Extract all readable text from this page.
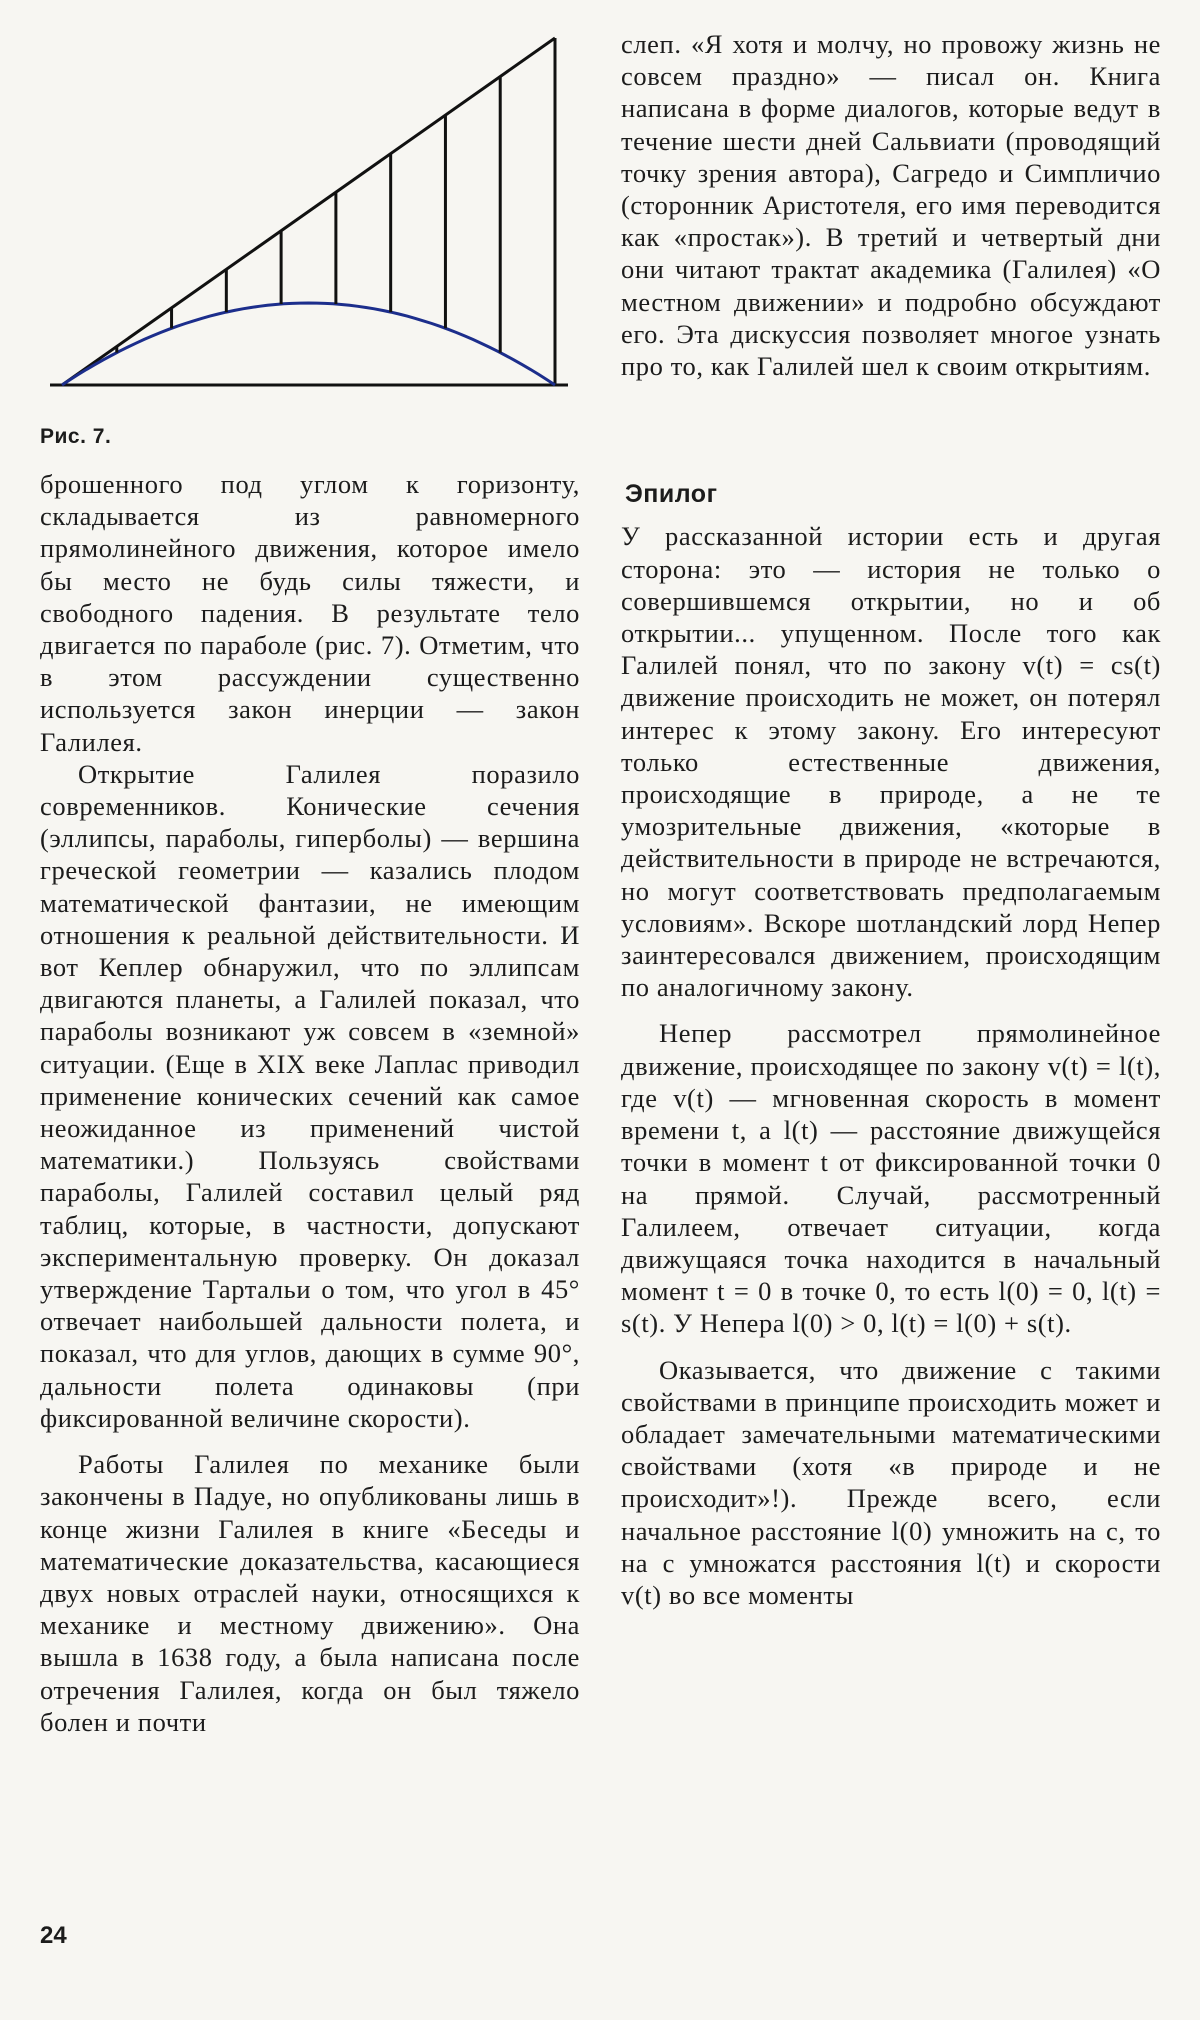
Рис. 7.

брошенного под углом к горизонту, складывается из равномерного прямолинейного движения, которое имело бы место не будь силы тяжести, и свободного падения. В результате тело двигается по параболе (рис. 7). Отметим, что в этом рассуждении существенно используется закон инерции — закон Галилея.

Открытие Галилея поразило современников. Конические сечения (эллипсы, параболы, гиперболы) — вершина греческой геометрии — казались плодом математической фантазии, не имеющим отношения к реальной действительности. И вот Кеплер обнаружил, что по эллипсам двигаются планеты, а Галилей показал, что параболы возникают уж совсем в «земной» ситуации. (Еще в XIX веке Лаплас приводил применение конических сечений как самое неожиданное из применений чистой математики.) Пользуясь свойствами параболы, Галилей составил целый ряд таблиц, которые, в частности, допускают экспериментальную проверку. Он доказал утверждение Тартальи о том, что угол в 45° отвечает наибольшей дальности полета, и показал, что для углов, дающих в сумме 90°, дальности полета одинаковы (при фиксированной величине скорости).

Работы Галилея по механике были закончены в Падуе, но опубликованы лишь в конце жизни Галилея в книге «Беседы и математические доказательства, касающиеся двух новых отраслей науки, относящихся к механике и местному движению». Она вышла в 1638 году, а была написана после отречения Галилея, когда он был тяжело болен и почти

слеп. «Я хотя и молчу, но провожу жизнь не совсем праздно» — писал он. Книга написана в форме диалогов, которые ведут в течение шести дней Сальвиати (проводящий точку зрения автора), Сагредо и Симпличио (сторонник Аристотеля, его имя переводится как «простак»). В третий и четвертый дни они читают трактат академика (Галилея) «О местном движении» и подробно обсуждают его. Эта дискуссия позволяет многое узнать про то, как Галилей шел к своим открытиям.

Эпилог

У рассказанной истории есть и другая сторона: это — история не только о совершившемся открытии, но и об открытии... упущенном. После того как Галилей понял, что по закону v(t) = cs(t) движение происходить не может, он потерял интерес к этому закону. Его интересуют только естественные движения, происходящие в природе, а не те умозрительные движения, «которые в действительности в природе не встречаются, но могут соответствовать предполагаемым условиям». Вскоре шотландский лорд Непер заинтересовался движением, происходящим по аналогичному закону.

Непер рассмотрел прямолинейное движение, происходящее по закону v(t) = l(t), где v(t) — мгновенная скорость в момент времени t, а l(t) — расстояние движущейся точки в момент t от фиксированной точки 0 на прямой. Случай, рассмотренный Галилеем, отвечает ситуации, когда движущаяся точка находится в начальный момент t = 0 в точке 0, то есть l(0) = 0, l(t) = s(t). У Непера l(0) > 0, l(t) = l(0) + s(t).

Оказывается, что движение с такими свойствами в принципе происходить может и обладает замечательными математическими свойствами (хотя «в природе и не происходит»!). Прежде всего, если начальное расстояние l(0) умножить на c, то на c умножатся расстояния l(t) и скорости v(t) во все моменты

24
